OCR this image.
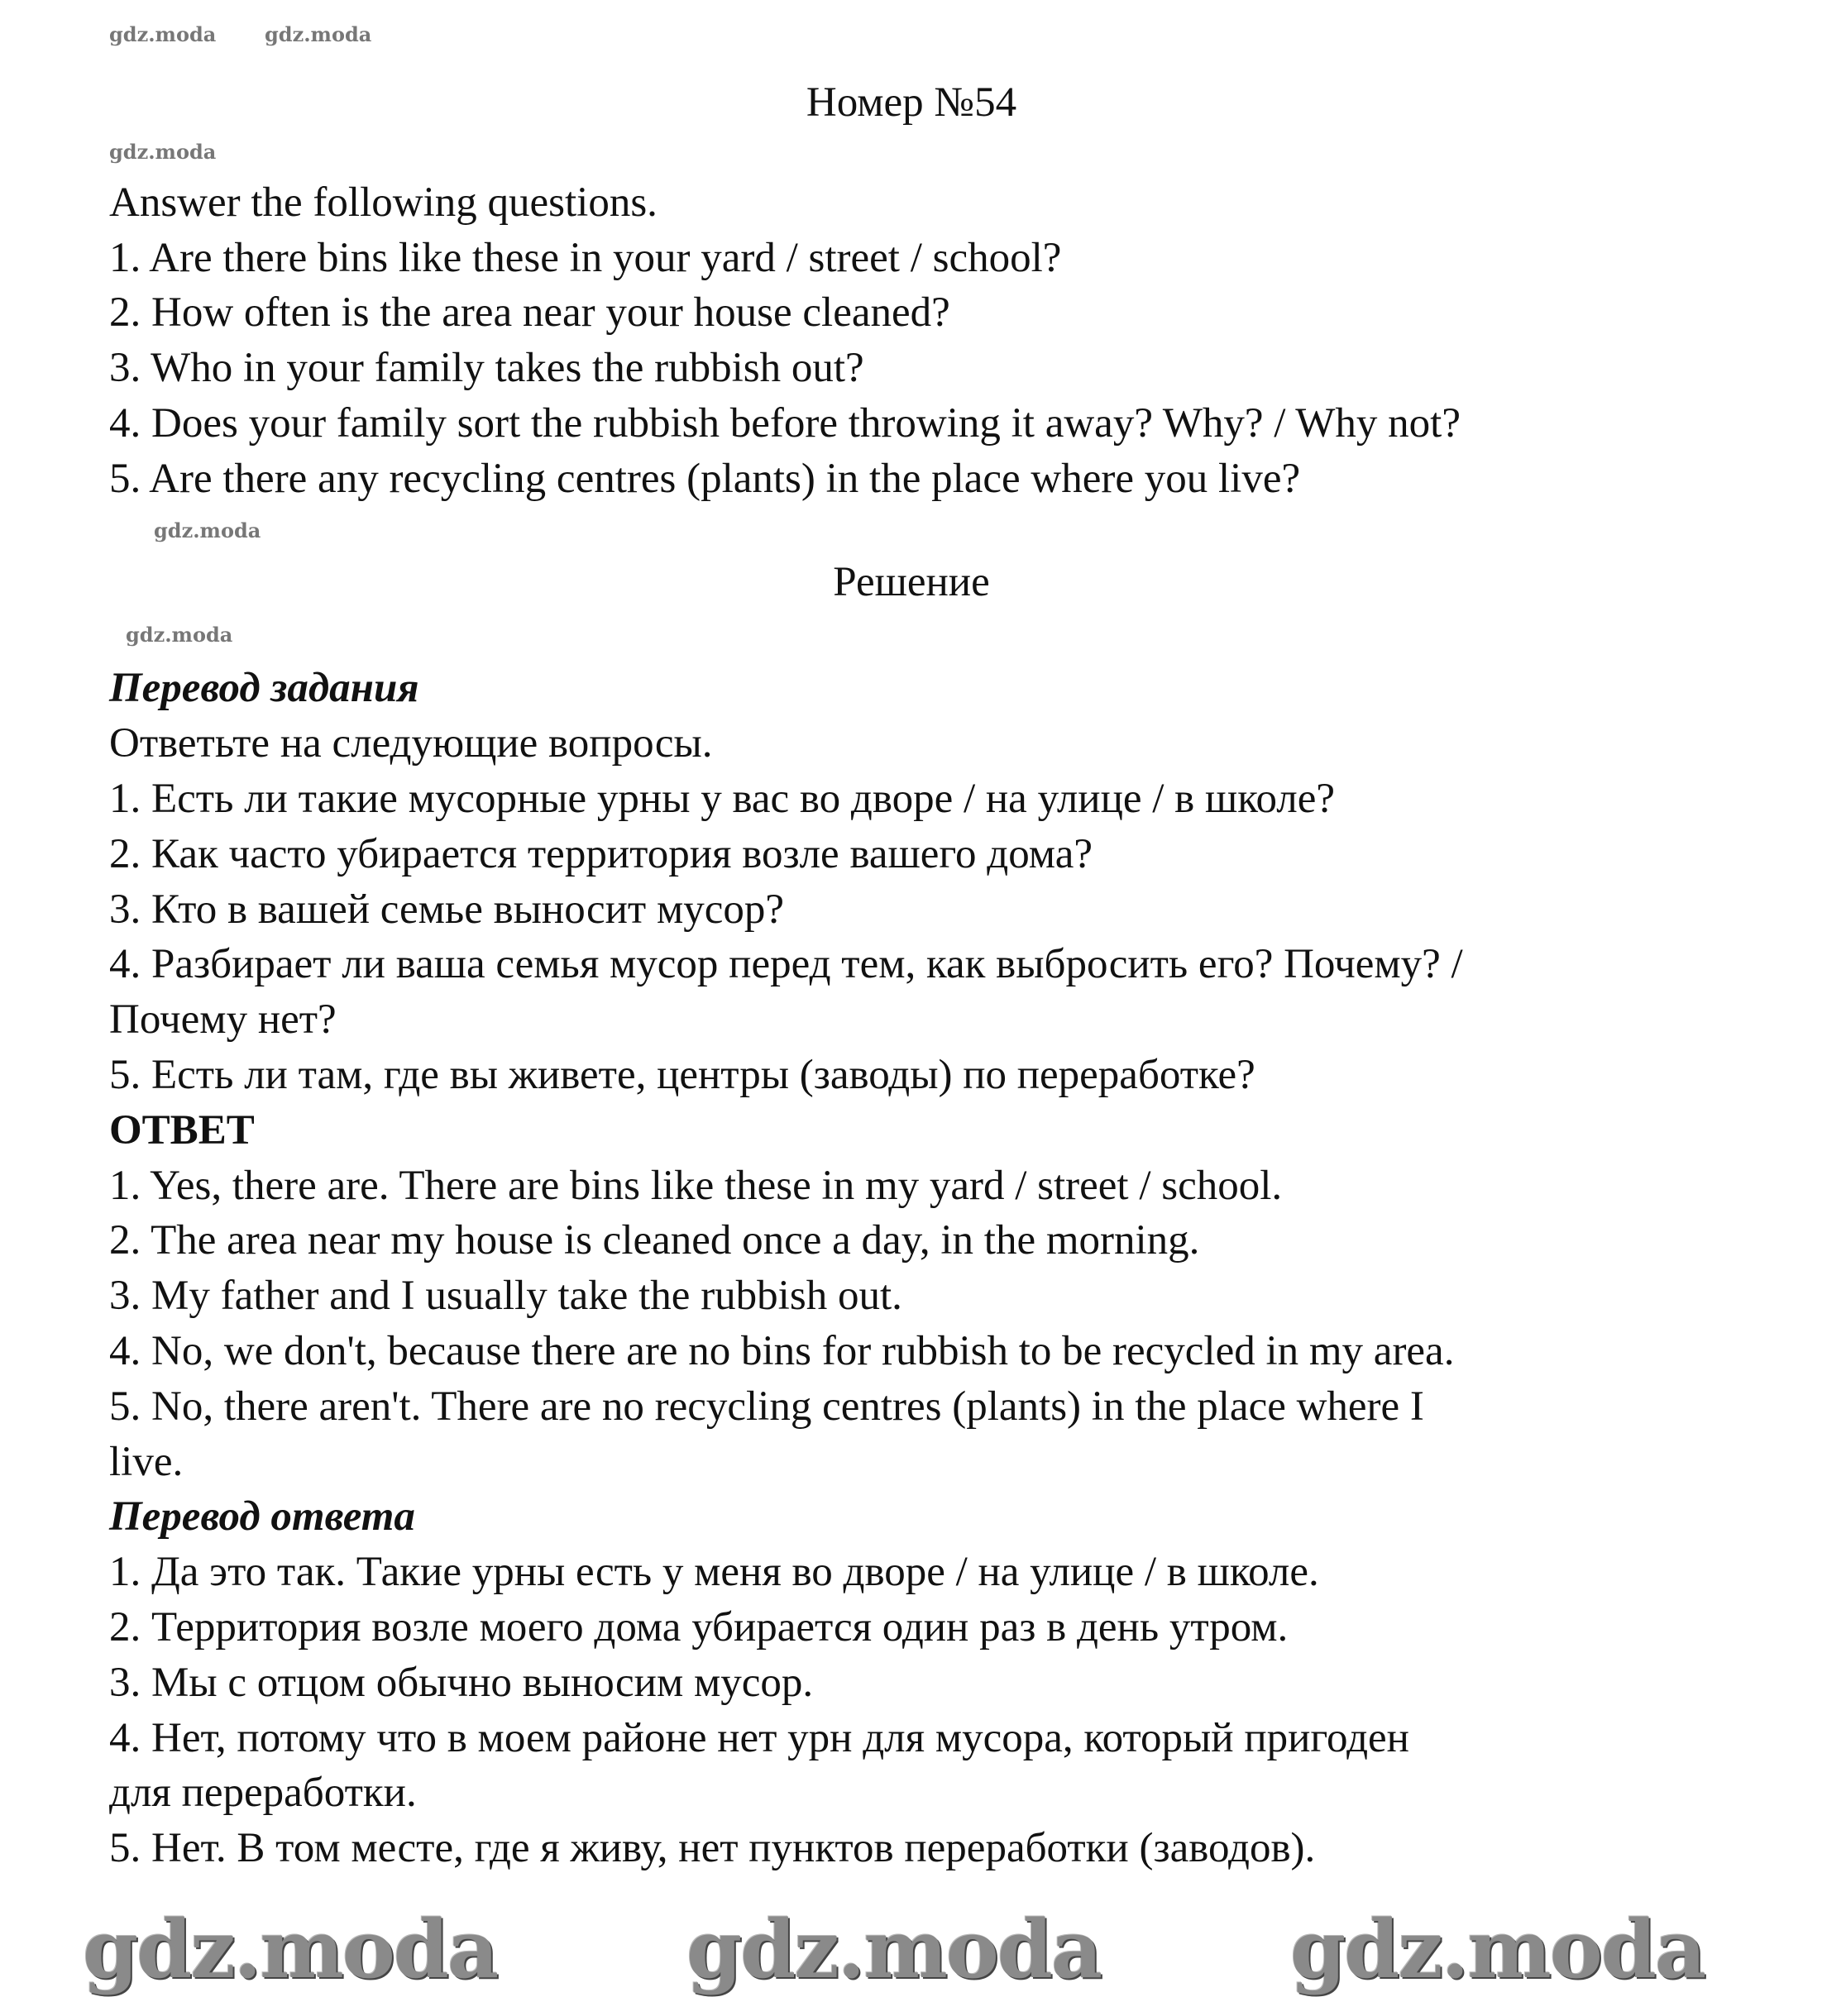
Номер №54
Answer the following questions.
1. Are there bins like these in your yard / street / school?
2. How often is the area near your house cleaned?
3. Who in your family takes the rubbish out?
4. Does your family sort the rubbish before throwing it away? Why? / Why not?
5. Are there any recycling centres (plants) in the place where you live?
Решение
Перевод задания
Ответьте на следующие вопросы.
1. Есть ли такие мусорные урны у вас во дворе / на улице / в школе?
2. Как часто убирается территория возле вашего дома?
3. Кто в вашей семье выносит мусор?
4. Разбирает ли ваша семья мусор перед тем, как выбросить его? Почему? /
Почему нет?
5. Есть ли там, где вы живете, центры (заводы) по переработке?
ОТВЕТ
1. Yes, there are. There are bins like these in my yard / street / school.
2. The area near my house is cleaned once a day, in the morning.
3. My father and I usually take the rubbish out.
4. No, we don't, because there are no bins for rubbish to be recycled in my area.
5. No, there aren't. There are no recycling centres (plants) in the place where I
live.
Перевод ответа
1. Да это так. Такие урны есть у меня во дворе / на улице / в школе.
2. Территория возле моего дома убирается один раз в день утром.
3. Мы с отцом обычно выносим мусор.
4. Нет, потому что в моем районе нет урн для мусора, который пригоден
для переработки.
5. Нет. В том месте, где я живу, нет пунктов переработки (заводов).
gdz.moda
gdz.moda
gdz.moda
gdz.moda
gdz.moda
gdz.moda gdz.moda gdz.moda
